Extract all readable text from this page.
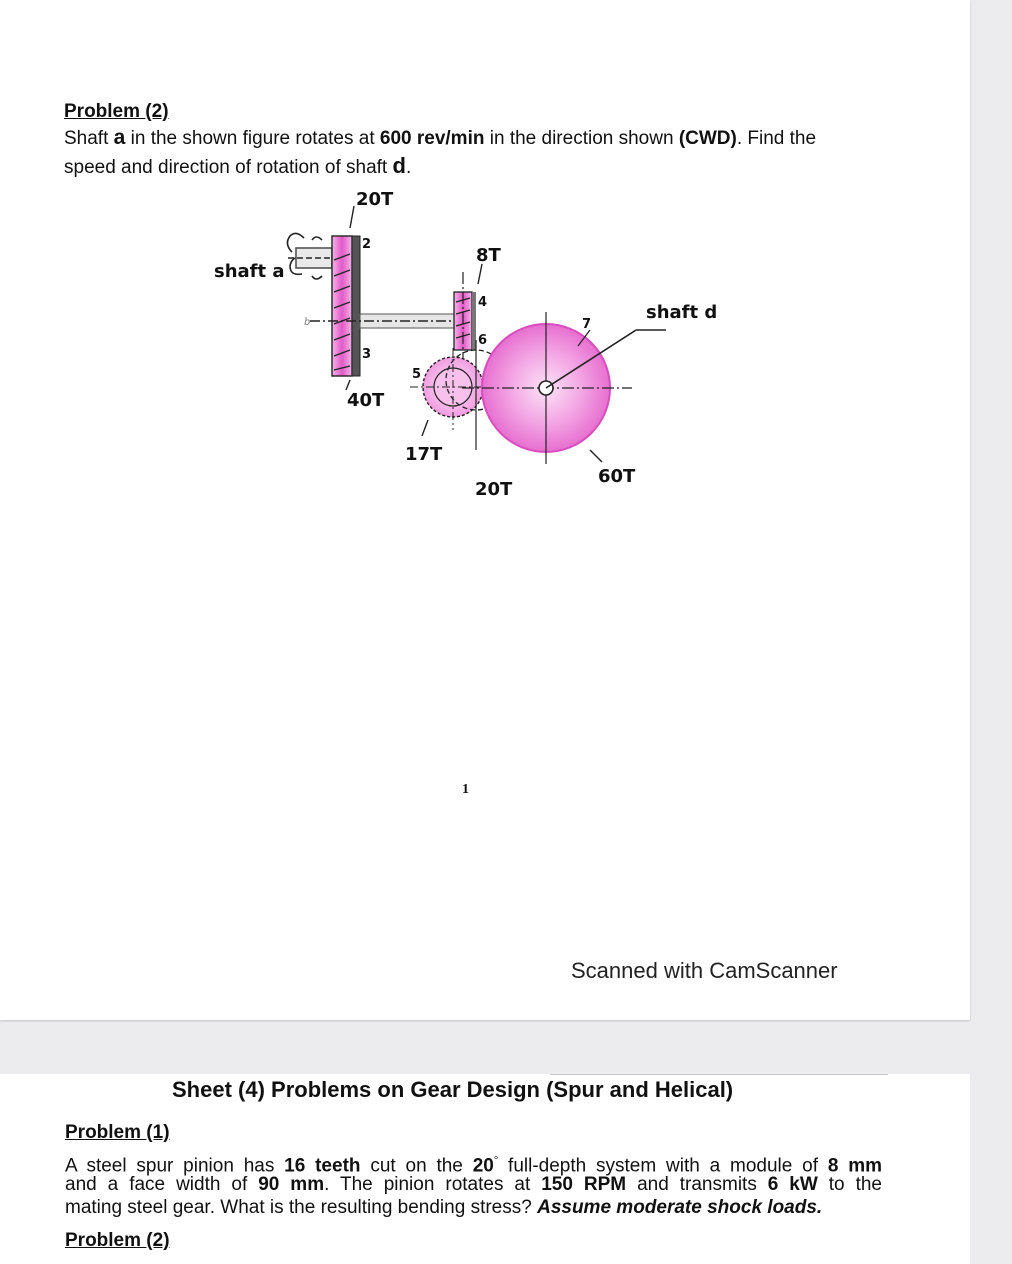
Problem (2)
Shaft a in the shown figure rotates at 600 rev/min in the direction shown (CWD). Find the
speed and direction of rotation of shaft d.
20T
8T
shaft a
shaft d
40T
17T
20T
60T
2
3
4
5
6
7
b
1
Scanned with CamScanner
Sheet (4) Problems on Gear Design (Spur and Helical)
Problem (1)
A steel spur pinion has 16 teeth cut on the 20° full-depth system with a module of 8 mm
and a face width of 90 mm. The pinion rotates at 150 RPM and transmits 6 kW to the
mating steel gear. What is the resulting bending stress? Assume moderate shock loads.
Problem (2)
